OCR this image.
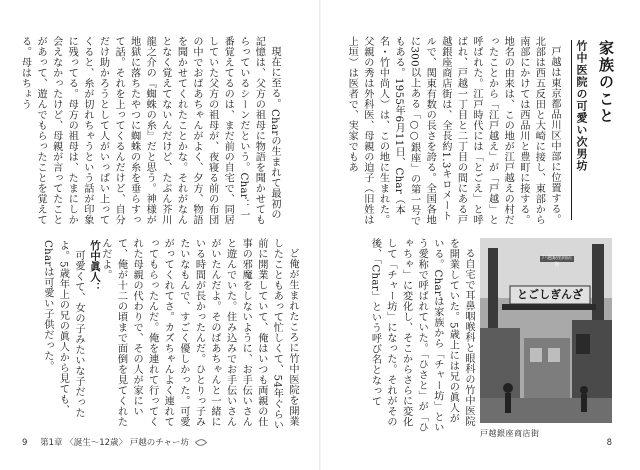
家族のこと
竹中医院の可愛い次男坊

戸越は東京都品川区中部に位置する。北部は西五反田と大崎に接し、東部から南部にかけては西品川と豊町に接する。地名の由来は、この地が江戸越えの村だったことから「江戸越え」が「戸越」と呼ばれた。江戸時代には「とごえ」と呼ばれ、戸越一丁目と二丁目の間にある戸越銀座商店街は、全長約1.3キロメートルで、関東有数の長さを誇る。全国各地に300以上ある「○○銀座」の第一号でもある。1955年6月11日、Char（本名・竹中尚人）は、この地に生まれた。父親の秀は外科医、母親の迫子（旧姓は上垣）は医者で、実家でもあ

る自宅で耳鼻咽喉科と眼科の竹中医院を開業していた。5歳上には兄の眞人がいる。Charは家族から「チャー坊」という愛称で呼ばれていた。「ひさと」が「ひゃちゃ」に変化し、そこからさらに変化して「チャー坊」になった。それがその後、「Char」という呼び名となって	戸越銀座商店街
とごしぎんざ
戸越銀座商店街
8

現在に至る。Charの生まれて最初の記憶は、父方の祖母に物語を聞かせてもらっているシーンだという。Char：一番覚えてるのは、まだ前の自宅で、同居していた父方の祖母が、夜寝る前の布団の中でおばあちゃんがよく、夕方、物語を聞かせてくれたことかな。それがなんとなく覚えてないんだけど、たぶん芥川龍之介の『蜘蛛の糸』だと思う。神様が地獄に落ちたやつに蜘蛛の糸を垂らすって話。それを上ってくるんだけど、自分だけ助かろうとして人がいっぱい上ってくると、糸が切れちゃうという話が印象に残ってる。母方の祖母は、たまにしか会えなかったけど、母親が言ってたことがあって、遊んでもらったことを覚えてる。母はちょう

ど俺が生まれたころに竹中医院を開業したこともあって忙しくて、54年ぐらい前に開業していて、俺はいつも両親の仕事の邪魔をしないように、お手伝いさんと遊んでいた。住み込みでお手伝いさんがいたんだよ。そのばあちゃんと一緒にいる時間が長かったんだ。ひとりっ子みたいなもんで、すごく優しかった。可愛がってくれてさ。カズちゃんよく連れてってもらったんだ。俺を連れて行ってくれた母親の代わりで、その人が家にいて、俺が十二の頃まで面倒を見てくれたんだよ。

竹中眞人：

可愛くて、女の子みたいな子だったよ。5歳年上の兄の眞人から見ても、Charは可愛い子供だった。

9 第1章 〈誕生〜12歳〉 戸越のチャー坊
